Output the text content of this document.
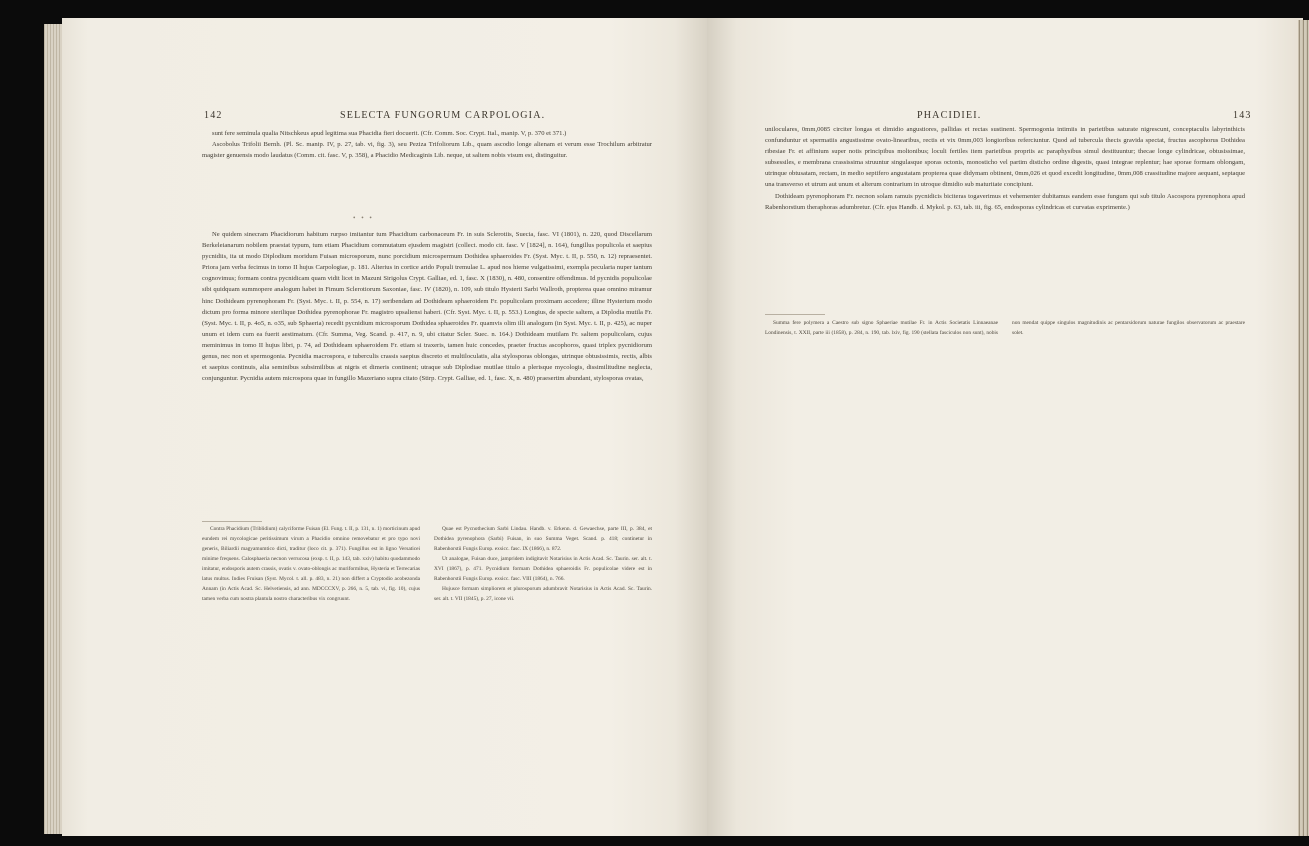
142	SELECTA FUNGORUM CARPOLOGIA.

sunt fere seminula qualia Nitschkeus apud legitima sua Phacidia fieri docuerit. (Cfr. Comm. Soc. Crypt. Ital., manip. V, p. 370 et 371.)

Ascobolus Trifolii Bernh. (Pl. Sc. manip. IV, p. 27, tab. vi, fig. 3), seu Peziza Trifoliorum Lib., quam ascodio longe alienam et verum esse Trochilum arbitratur magister genuensis modo laudatus (Comm. cit. fasc. V, p. 358), a Phacidio Medicaginis Lib. neque, ut saltem nobis visum est, distinguitur.

• • •

Ne quidem sinecram Phacidiorum habitum rurpso imitantur tum Phacidium carbonaceum Fr. in suis Sclerotiis, Suecia, fasc. VI (1801), n. 220, quod Discellarum Berkeleianarum nobilem praestat typum, tum etiam Phacidium commutatum ejusdem magistri (collect. modo cit. fasc. V [1824], n. 164), fungillus populicola et saepius pycnidiis, ita ut modo Diplodium moridum Fuisan microsporum, nunc porcidium microspermum Dothidea sphaeroides Fr. (Syst. Myc. t. II, p. 550, n. 12) repraesentet. Priora jam verba fecimus in tomo II hujus Carpologiae, p. 181. Alterius in cortice arido Populi tremulae L. apud nos hieme vulgatissimi, exempla pecularia nuper tantum cognovimus; formam contra pycnidicam quam vidit licet in Mazuni Sirigolus Crypt. Galliae, ed. 1, fasc. X (1830), n. 480, consentire offendimus. Id pycnidis populicolae sibi quidquam summopere analogum habet in Fimum Sclerotiorum Saxoniae, fasc. IV (1820), n. 109, sub titulo Hysterii Sarbi Wallroth, propterea quae omnino miramur hinc Dothideam pyrenophoram Fr. (Syst. Myc. t. II, p. 554, n. 17) seribendam ad Dothideam sphaeroidem Fr. populicolam proximam accedere; illine Hysterium modo dictum pro forma minore sterilique Dothidea pyrenophorae Fr. magistro upsaliensi haberi. (Cfr. Syst. Myc. t. II, p. 553.) Longius, de specie saltem, a Diplodia mutila Fr. (Syst. Myc. t. II, p. 4o5, n. o35, sub Sphaeria) recedit pycnidium microsporum Dothidea sphaeroides Fr. quamvis olim illi analogum (in Syst. Myc. t. II, p. 425), ac nuper unum et idem cum ea fuerit aestimatum. (Cfr. Summa, Veg. Scand. p. 417, n. 9, ubi citatur Scler. Suec. n. 164.) Dothideam mutilam Fr. saltem populicolam, cujus meminimus in tomo II hujus libri, p. 74, ad Dothideam sphaeroidem Fr. etiam si traxeris, tamen huic concedes, praeter fructus ascophoros, quasi triplex pycnidiorum genus, nec non et spermogonia. Pycnidia macrospora, e tuberculis crassis saepius discreto et multiloculatis, alia stylosporas oblongas, utrinque obtusissimis, rectis, albis et saepius continuis, alia seminibus subsimilibus at nigris et dimeris continent; utraque sub Diplodiae mutilae titulo a plerisque mycologis, dissimilitudine neglecta, conjunguntur. Pycnidia autem microspora quae in fungillo Mazeriano supra citato (Stirp. Crypt. Galliae, ed. 1, fasc. X, n. 480) praesertim abundant, stylosporas ovatas,

Contra Phacidium (Triblidium) calyciforme Fuisan (El. Fung. t. II, p. 131, n. 1) morticinum apud eundem rei mycologicae peritissimum virum a Phacidio omnino removebatur et pro typo novi generis, Biliardii magyamumtico dicti, traditur (loco cit. p. 371). Fungillus est in ligno Versaticei minime frequens. Calosphaeria necnon verrucosa (exsp. t. II, p. 143, tab. xxiv) habitu quodammodo imitatur, endosporis autem crassis, ovatis v. ovato-oblongis ac muriformibus, Hysteria et Terrecarias latus multus. Indies Fruisan (Syst. Mycol. t. all. p. 483, n. 21) non differt a Cryptodio acobezonda Annam (in Actis Acad. Sc. Helvetiensis, ad ann. MDCCCXV, p. 266, n. 5, tab. vi, fig. 10), cujus tamen verba cum nostra plantula nostro characteribus vix congruunt.

Quae est Pycnothecium Sarbi Lindau. Handb. v. Erkenn. d. Gewaechse, parte III, p. 384, et Dothidea pyrenophora (Sarbi) Fuisan, in suo Summa Veget. Scand. p. 418; continetur in Rabenhorstii Fungis Europ. exsicc. fasc. IX (1866), n. 872.

Ut analogae, Fuisan duce, jampridem indigitavit Notarisius in Actis Acad. Sc. Taurin. ser. alt. t. XVI (1867), p. 471. Pycnidium formam Dothidea sphaeroidis Fr. populicolae videre est in Rabenhorstii Fungis Europ. exsicc. fasc. VIII (1864), n. 766.

Hujusce formam simpliorem et plurosporum adumbravit Notarisius in Actis Acad. Sc. Taurin. ser. alt. t. VII (1845), p. 27, icone vii.

PHACIDIEI.	143

uniloculares, 0mm,0085 circiter longas et dimidio angustiores, pallidas et rectas sustinent. Spermogonia intimiis in parietibus saturate nigrescunt, conceptaculis labyrinthicis confunduntur et spermatiis angustissime ovato-linearibus, rectis et vix 0mm,003 longioribus referciuntur. Quod ad tubercula thecis gravida spectat, fructus ascophorus Dothidea ribesiae Fr. et affinium super notis principibus moltonibus; loculi fertiles item parietibus propriis ac paraphysibus simul destituuntur; thecae longe cylindricae, obtusissimae, subsessiles, e membrana crassissima struuntur singulasque sporas octonis, monosticho vel partim disticho ordine digestis, quasi integrae replentur; hae sporae formam oblongam, utrinque obtusatam, rectam, in medio septifero angustatam propterea quae didymam obtinent, 0mm,026 et quod excedit longitudine, 0mm,008 crassitudine majore aequant, septaque una transverso et utrum aut unum et alterum contrarium in utroque dimidio sub maturitate concipiunt.

Dothideam pyrenophoram Fr. necnon solam ramuis pycnidicis biciteras togaverimus et vehementer dubitamus eandem esse fungum qui sub titulo Ascospora pyrenophora apud Rabenhorstium theraphoras adumbretur. (Cfr. ejus Handb. d. Mykol. p. 63, tab. iii, fig. 65, endosporas cylindricas et curvatas exprimente.)

Summa fere polymera a Caestro sub signo Sphaeriae mutilae Fr. in Actis Societatis Linnaeanae Londinensis, t. XXII, parte iii (1858), p. 284, n. 190, tab. lxiv, fig. 190 (stellata fasciculos non sunt), nobis non mendat quippe singulos magnitudinis ac pentarsidorum naturae fungilos observatorum ac praestare solet.
